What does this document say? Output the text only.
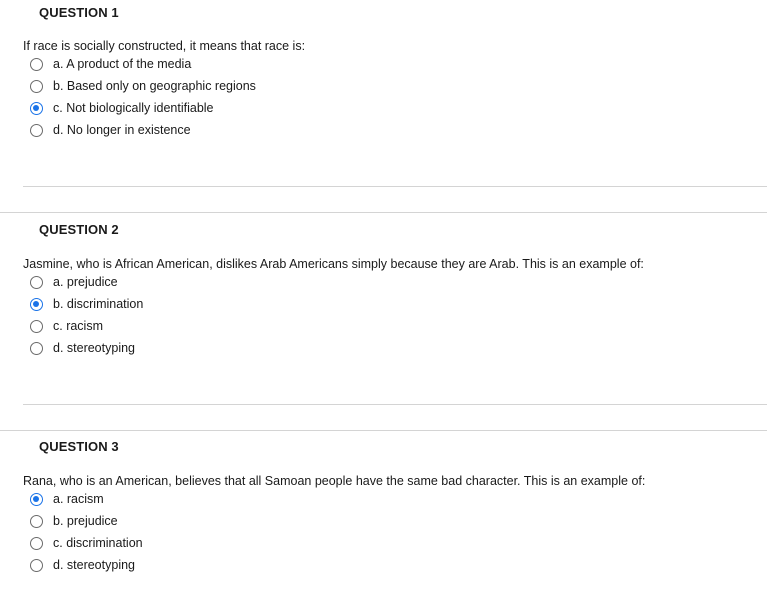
QUESTION 1
If race is socially constructed, it means that race is:
a. A product of the media
b. Based only on geographic regions
c. Not biologically identifiable
d. No longer in existence
QUESTION 2
Jasmine, who is African American, dislikes Arab Americans simply because they are Arab. This is an example of:
a. prejudice
b. discrimination
c. racism
d. stereotyping
QUESTION 3
Rana, who is an American, believes that all Samoan people have the same bad character. This is an example of:
a. racism
b. prejudice
c. discrimination
d. stereotyping
